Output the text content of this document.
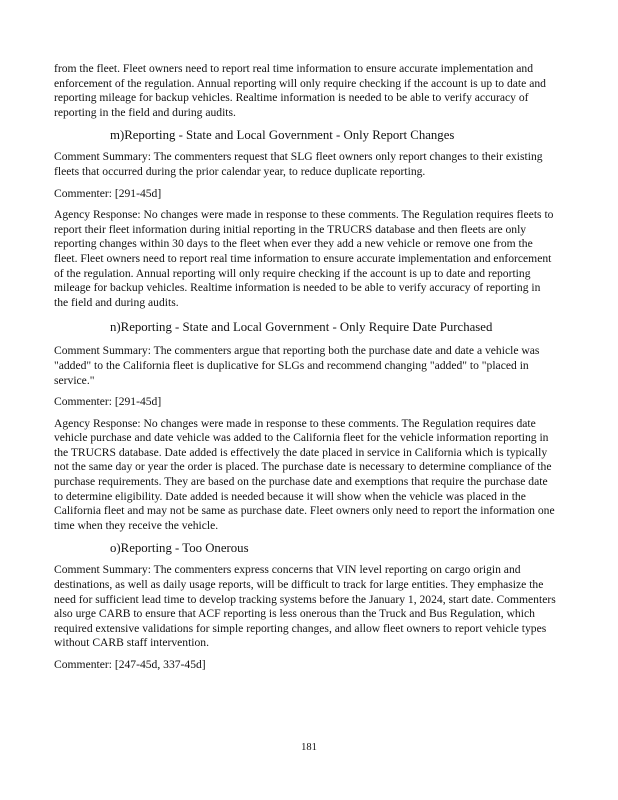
from the fleet. Fleet owners need to report real time information to ensure accurate implementation and enforcement of the regulation. Annual reporting will only require checking if the account is up to date and reporting mileage for backup vehicles. Realtime information is needed to be able to verify accuracy of reporting in the field and during audits.

m)Reporting - State and Local Government - Only Report Changes

Comment Summary: The commenters request that SLG fleet owners only report changes to their existing fleets that occurred during the prior calendar year, to reduce duplicate reporting.

Commenter: [291-45d]

Agency Response: No changes were made in response to these comments. The Regulation requires fleets to report their fleet information during initial reporting in the TRUCRS database and then fleets are only reporting changes within 30 days to the fleet when ever they add a new vehicle or remove one from the fleet. Fleet owners need to report real time information to ensure accurate implementation and enforcement of the regulation. Annual reporting will only require checking if the account is up to date and reporting mileage for backup vehicles. Realtime information is needed to be able to verify accuracy of reporting in the field and during audits.

n)Reporting - State and Local Government - Only Require Date Purchased

Comment Summary: The commenters argue that reporting both the purchase date and date a vehicle was "added" to the California fleet is duplicative for SLGs and recommend changing "added" to "placed in service."

Commenter: [291-45d]

Agency Response: No changes were made in response to these comments. The Regulation requires date vehicle purchase and date vehicle was added to the California fleet for the vehicle information reporting in the TRUCRS database. Date added is effectively the date placed in service in California which is typically not the same day or year the order is placed. The purchase date is necessary to determine compliance of the purchase requirements. They are based on the purchase date and exemptions that require the purchase date to determine eligibility. Date added is needed because it will show when the vehicle was placed in the California fleet and may not be same as purchase date. Fleet owners only need to report the information one time when they receive the vehicle.

o)Reporting - Too Onerous

Comment Summary: The commenters express concerns that VIN level reporting on cargo origin and destinations, as well as daily usage reports, will be difficult to track for large entities. They emphasize the need for sufficient lead time to develop tracking systems before the January 1, 2024, start date. Commenters also urge CARB to ensure that ACF reporting is less onerous than the Truck and Bus Regulation, which required extensive validations for simple reporting changes, and allow fleet owners to report vehicle types without CARB staff intervention.

Commenter: [247-45d, 337-45d]

181
